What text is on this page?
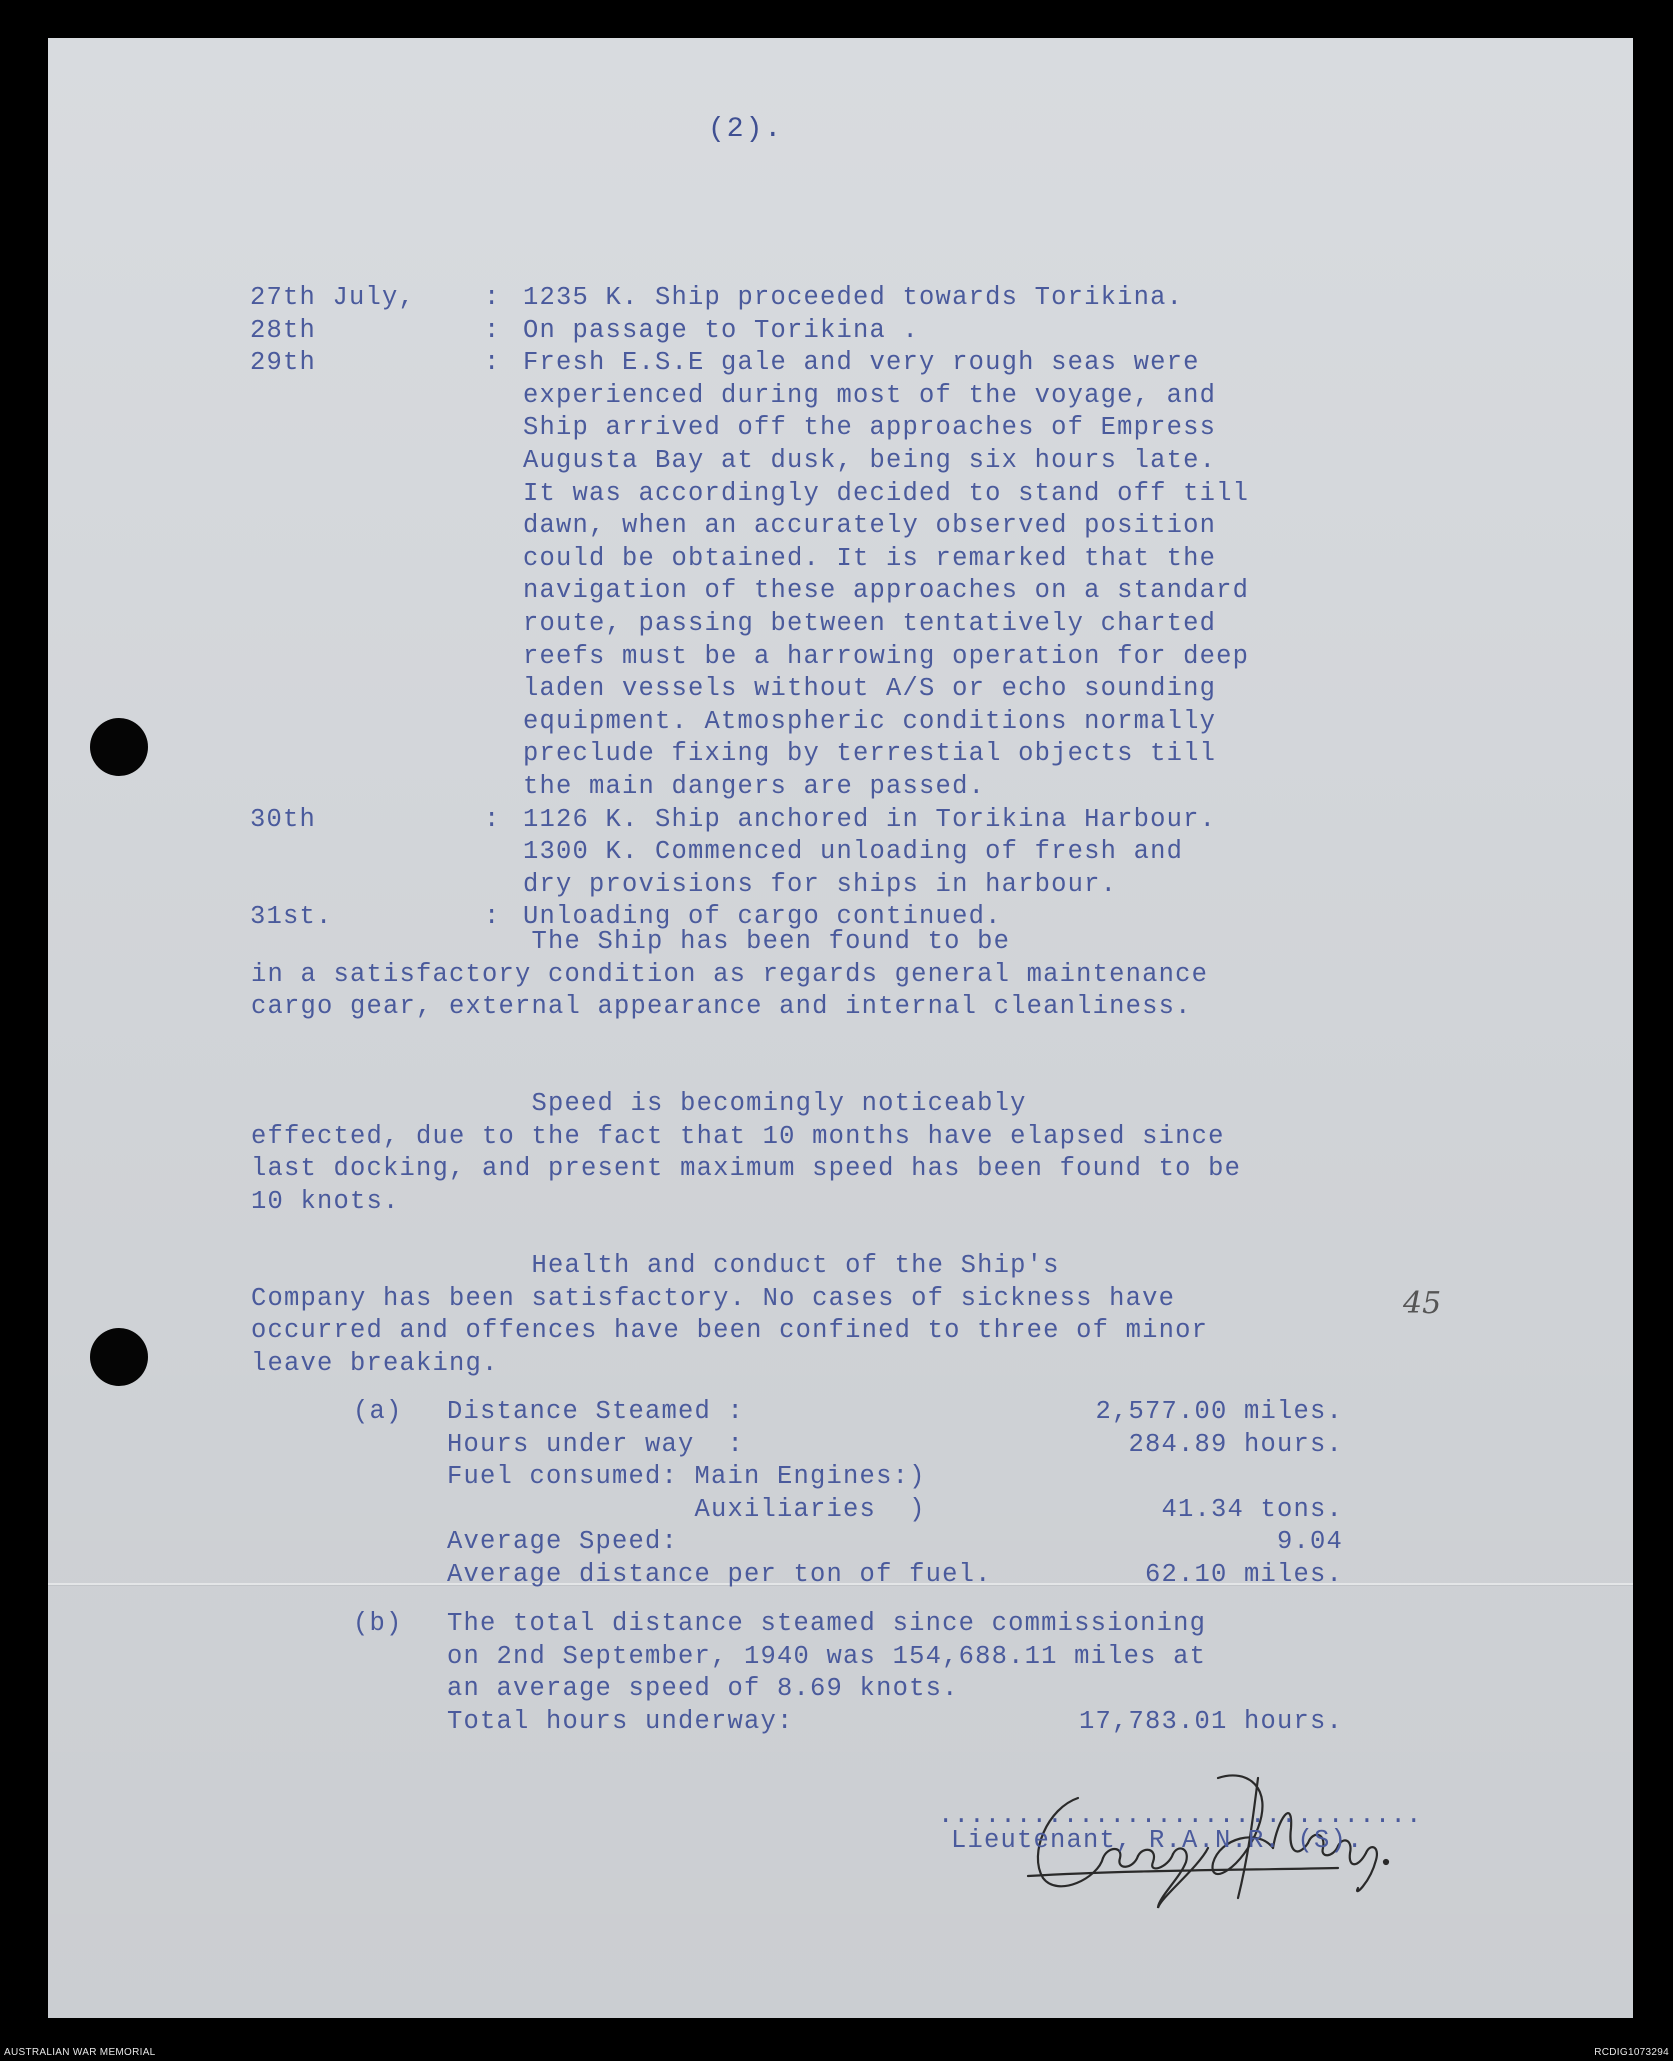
(2).
27th July,	: 1235 K. Ship proceeded towards Torikina.
28th	: On passage to Torikina .
29th	: Fresh E.S.E gale and very rough seas were
experienced during most of the voyage, and
Ship arrived off the approaches of Empress
Augusta Bay at dusk, being six hours late.
It was accordingly decided to stand off till
dawn, when an accurately observed position
could be obtained. It is remarked that the
navigation of these approaches on a standard
route, passing between tentatively charted
reefs must be a harrowing operation for deep
laden vessels without A/S or echo sounding
equipment. Atmospheric conditions normally
preclude fixing by terrestial objects till
the main dangers are passed.
30th	: 1126 K. Ship anchored in Torikina Harbour.
1300 K. Commenced unloading of fresh and
dry provisions for ships in harbour.
31st.	: Unloading of cargo continued.
The Ship has been found to be
in a satisfactory condition as regards general maintenance
cargo gear, external appearance and internal cleanliness.
Speed is becomingly noticeably
effected, due to the fact that 10 months have elapsed since
last docking, and present maximum speed has been found to be
10 knots.
Health and conduct of the Ship's
Company has been satisfactory. No cases of sickness have
occurred and offences have been confined to three of minor
leave breaking.
45
(a) Distance Steamed :	2,577.00 miles.
Hours under way  :	284.89 hours.
Fuel consumed: Main Engines:)
Auxiliaries  )	41.34 tons.
Average Speed:	9.04
Average distance per ton of fuel.	62.10 miles.
(b) The total distance steamed since commissioning
on 2nd September, 1940 was 154,688.11 miles at
an average speed of 8.69 knots.
Total hours underway:	17,783.01 hours.
...............................
Lieutenant, R.A.N.R. (S).
AUSTRALIAN WAR MEMORIAL	RCDIG1073294
